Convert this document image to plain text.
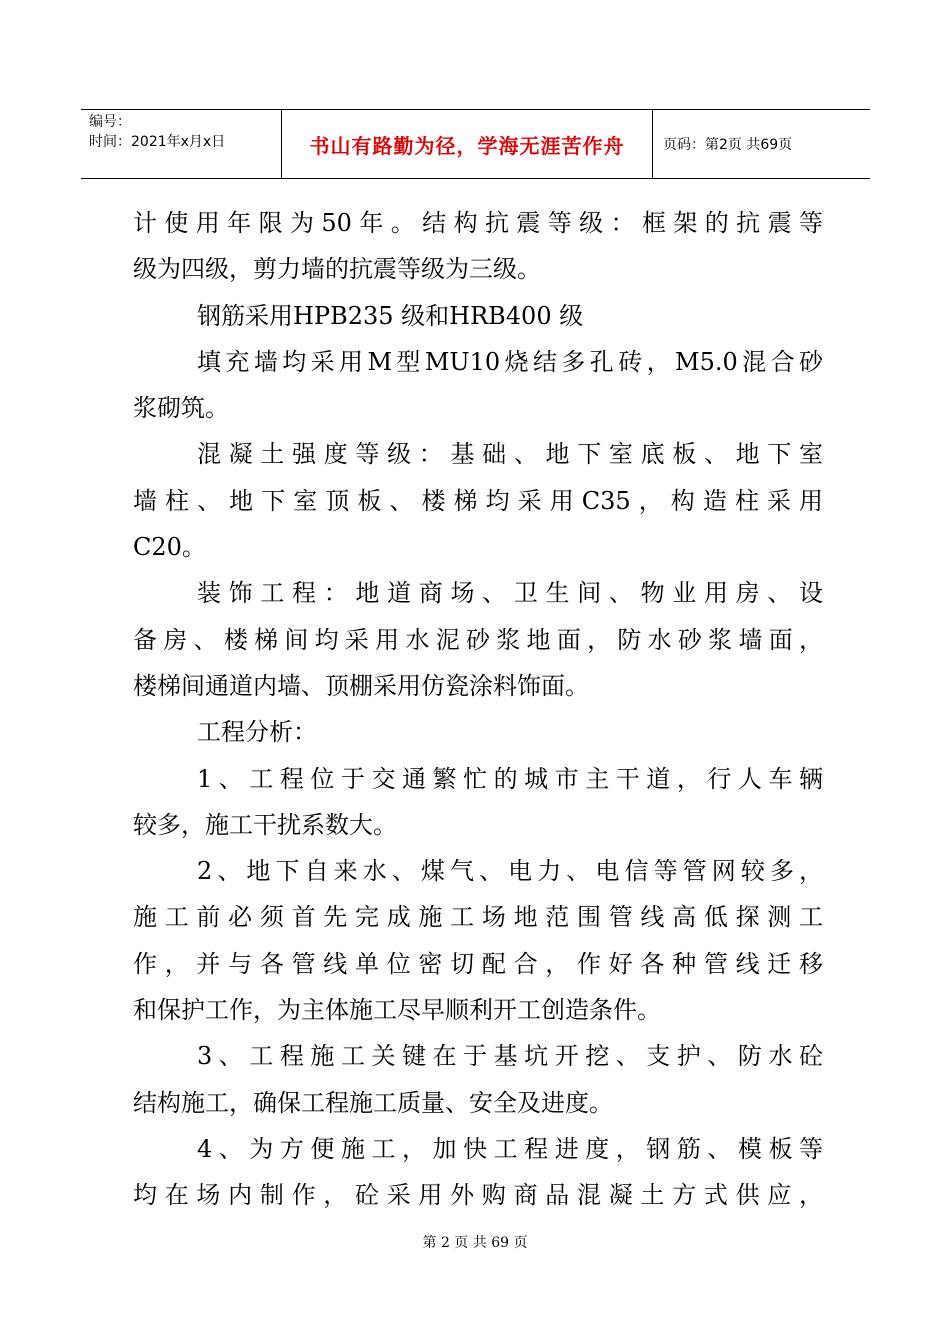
编号：
时间：2021年x月x日	书山有路勤为径，学海无涯苦作舟	页码：第2页 共69页
计使用年限为50年。结构抗震等级：框架的抗震等
级为四级，剪力墙的抗震等级为三级。
钢筋采用HPB235 级和HRB400 级
填充墙均采用M型MU10烧结多孔砖，M5.0混合砂
浆砌筑。
混凝土强度等级：基础、地下室底板、地下室
墙柱、地下室顶板、楼梯均采用C35，构造柱采用
C20。
装饰工程：地道商场、卫生间、物业用房、设
备房、楼梯间均采用水泥砂浆地面，防水砂浆墙面，
楼梯间通道内墙、顶棚采用仿瓷涂料饰面。
工程分析：
1、工程位于交通繁忙的城市主干道，行人车辆
较多，施工干扰系数大。
2、地下自来水、煤气、电力、电信等管网较多，
施工前必须首先完成施工场地范围管线高低探测工
作，并与各管线单位密切配合，作好各种管线迁移
和保护工作，为主体施工尽早顺利开工创造条件。
3、工程施工关键在于基坑开挖、支护、防水砼
结构施工，确保工程施工质量、安全及进度。
4、为方便施工，加快工程进度，钢筋、模板等
均在场内制作，砼采用外购商品混凝土方式供应，
第 2 页 共 69 页
